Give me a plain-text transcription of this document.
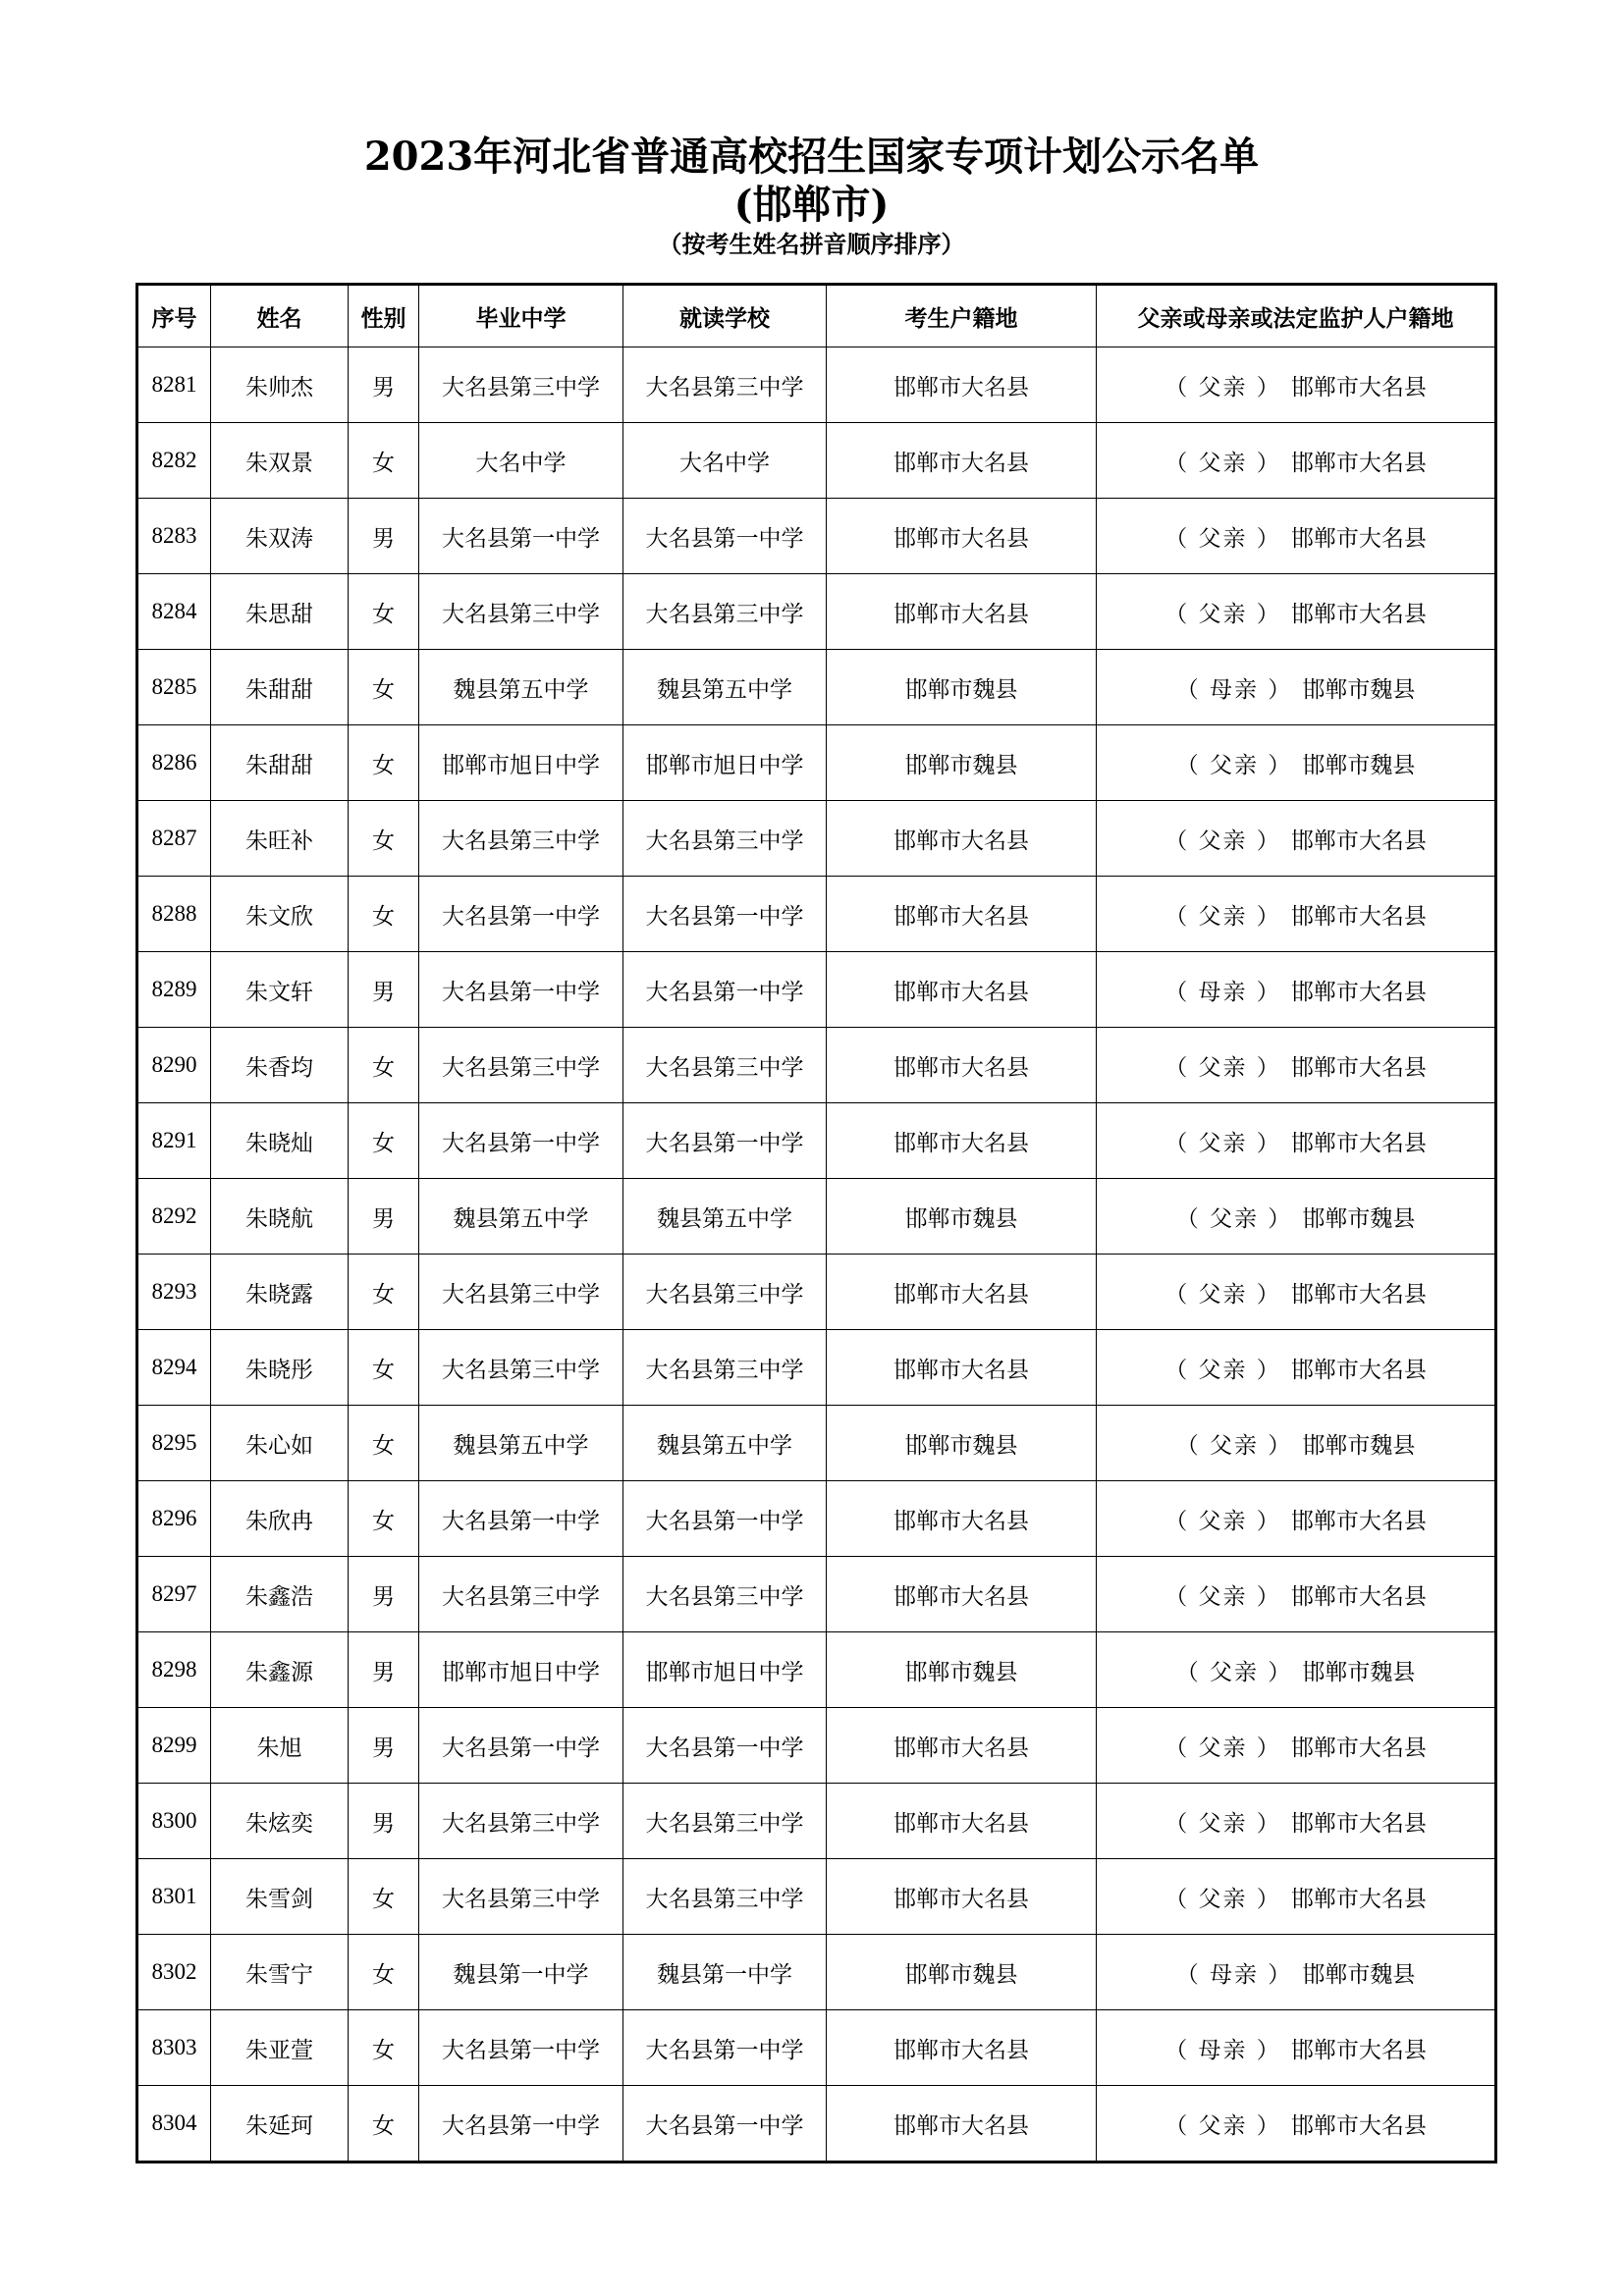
2023年河北省普通高校招生国家专项计划公示名单
(邯郸市)
（按考生姓名拼音顺序排序）
序号	姓名	性别	毕业中学	就读学校	考生户籍地	父亲或母亲或法定监护人户籍地
8281	朱帅杰	男	大名县第三中学	大名县第三中学	邯郸市大名县	（ 父亲 ） 邯郸市大名县
8282	朱双景	女	大名中学	大名中学	邯郸市大名县	（ 父亲 ） 邯郸市大名县
8283	朱双涛	男	大名县第一中学	大名县第一中学	邯郸市大名县	（ 父亲 ） 邯郸市大名县
8284	朱思甜	女	大名县第三中学	大名县第三中学	邯郸市大名县	（ 父亲 ） 邯郸市大名县
8285	朱甜甜	女	魏县第五中学	魏县第五中学	邯郸市魏县	（ 母亲 ） 邯郸市魏县
8286	朱甜甜	女	邯郸市旭日中学	邯郸市旭日中学	邯郸市魏县	（ 父亲 ） 邯郸市魏县
8287	朱旺补	女	大名县第三中学	大名县第三中学	邯郸市大名县	（ 父亲 ） 邯郸市大名县
8288	朱文欣	女	大名县第一中学	大名县第一中学	邯郸市大名县	（ 父亲 ） 邯郸市大名县
8289	朱文轩	男	大名县第一中学	大名县第一中学	邯郸市大名县	（ 母亲 ） 邯郸市大名县
8290	朱香均	女	大名县第三中学	大名县第三中学	邯郸市大名县	（ 父亲 ） 邯郸市大名县
8291	朱晓灿	女	大名县第一中学	大名县第一中学	邯郸市大名县	（ 父亲 ） 邯郸市大名县
8292	朱晓航	男	魏县第五中学	魏县第五中学	邯郸市魏县	（ 父亲 ） 邯郸市魏县
8293	朱晓露	女	大名县第三中学	大名县第三中学	邯郸市大名县	（ 父亲 ） 邯郸市大名县
8294	朱晓彤	女	大名县第三中学	大名县第三中学	邯郸市大名县	（ 父亲 ） 邯郸市大名县
8295	朱心如	女	魏县第五中学	魏县第五中学	邯郸市魏县	（ 父亲 ） 邯郸市魏县
8296	朱欣冉	女	大名县第一中学	大名县第一中学	邯郸市大名县	（ 父亲 ） 邯郸市大名县
8297	朱鑫浩	男	大名县第三中学	大名县第三中学	邯郸市大名县	（ 父亲 ） 邯郸市大名县
8298	朱鑫源	男	邯郸市旭日中学	邯郸市旭日中学	邯郸市魏县	（ 父亲 ） 邯郸市魏县
8299	朱旭	男	大名县第一中学	大名县第一中学	邯郸市大名县	（ 父亲 ） 邯郸市大名县
8300	朱炫奕	男	大名县第三中学	大名县第三中学	邯郸市大名县	（ 父亲 ） 邯郸市大名县
8301	朱雪剑	女	大名县第三中学	大名县第三中学	邯郸市大名县	（ 父亲 ） 邯郸市大名县
8302	朱雪宁	女	魏县第一中学	魏县第一中学	邯郸市魏县	（ 母亲 ） 邯郸市魏县
8303	朱亚萱	女	大名县第一中学	大名县第一中学	邯郸市大名县	（ 母亲 ） 邯郸市大名县
8304	朱延珂	女	大名县第一中学	大名县第一中学	邯郸市大名县	（ 父亲 ） 邯郸市大名县
